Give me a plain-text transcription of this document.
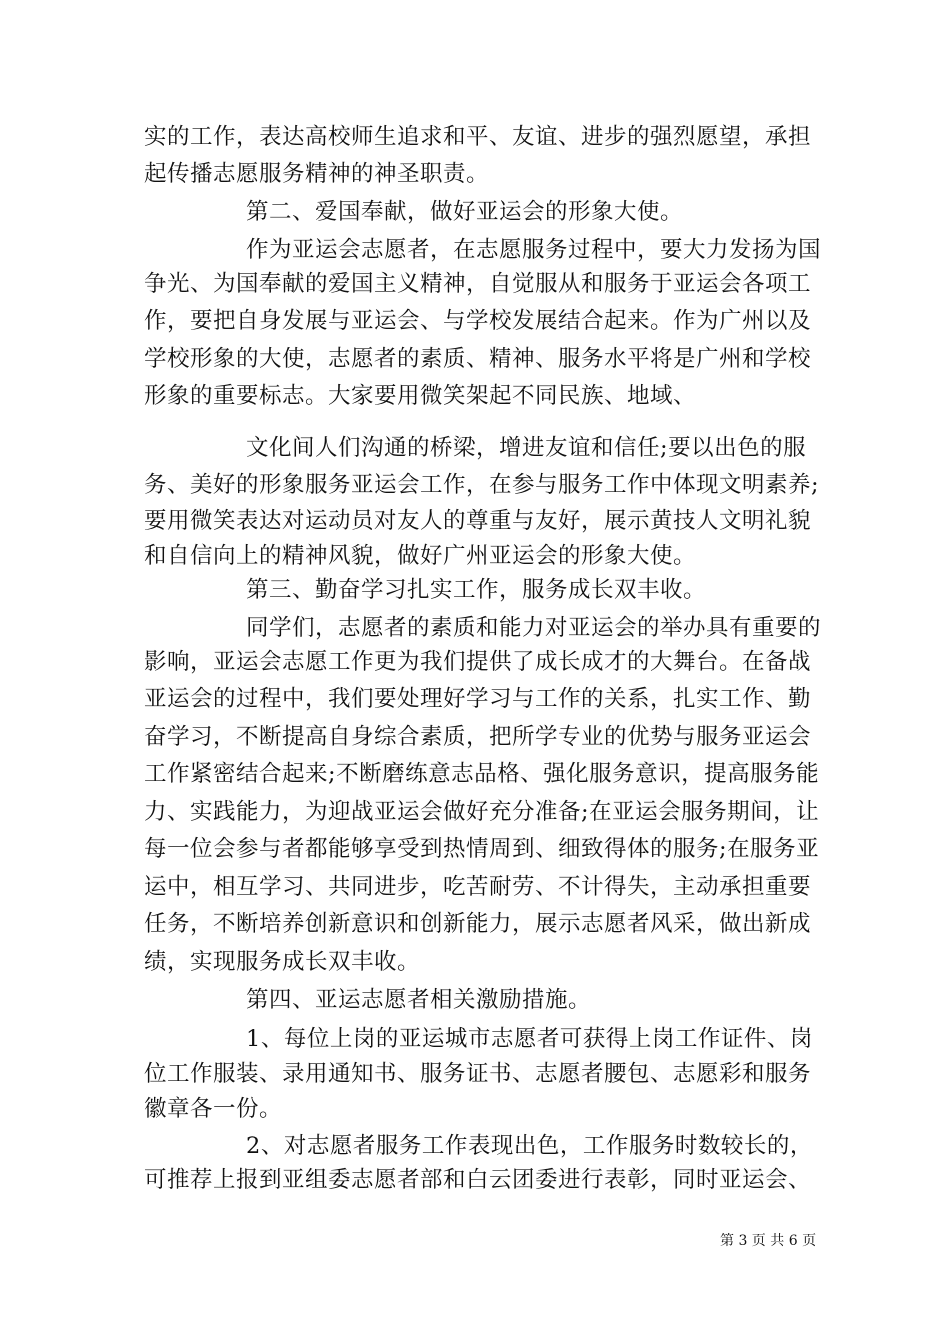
实的工作，表达高校师生追求和平、友谊、进步的强烈愿望，承担
起传播志愿服务精神的神圣职责。
第二、爱国奉献，做好亚运会的形象大使。
作为亚运会志愿者，在志愿服务过程中，要大力发扬为国
争光、为国奉献的爱国主义精神，自觉服从和服务于亚运会各项工
作，要把自身发展与亚运会、与学校发展结合起来。作为广州以及
学校形象的大使，志愿者的素质、精神、服务水平将是广州和学校
形象的重要标志。大家要用微笑架起不同民族、地域、
文化间人们沟通的桥梁，增进友谊和信任;要以出色的服
务、美好的形象服务亚运会工作，在参与服务工作中体现文明素养;
要用微笑表达对运动员对友人的尊重与友好，展示黄技人文明礼貌
和自信向上的精神风貌，做好广州亚运会的形象大使。
第三、勤奋学习扎实工作，服务成长双丰收。
同学们，志愿者的素质和能力对亚运会的举办具有重要的
影响，亚运会志愿工作更为我们提供了成长成才的大舞台。在备战
亚运会的过程中，我们要处理好学习与工作的关系，扎实工作、勤
奋学习，不断提高自身综合素质，把所学专业的优势与服务亚运会
工作紧密结合起来;不断磨练意志品格、强化服务意识，提高服务能
力、实践能力，为迎战亚运会做好充分准备;在亚运会服务期间，让
每一位会参与者都能够享受到热情周到、细致得体的服务;在服务亚
运中，相互学习、共同进步，吃苦耐劳、不计得失，主动承担重要
任务，不断培养创新意识和创新能力，展示志愿者风采，做出新成
绩，实现服务成长双丰收。
第四、亚运志愿者相关激励措施。
1、每位上岗的亚运城市志愿者可获得上岗工作证件、岗
位工作服装、录用通知书、服务证书、志愿者腰包、志愿彩和服务
徽章各一份。
2、对志愿者服务工作表现出色，工作服务时数较长的，
可推荐上报到亚组委志愿者部和白云团委进行表彰，同时亚运会、
第 3 页 共 6 页
